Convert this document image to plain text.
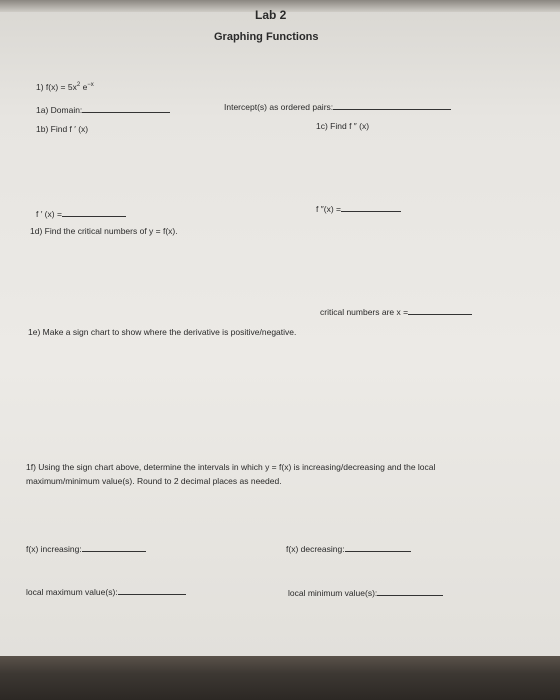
Lab 2
Graphing Functions
1) $f(x) = 5x^2$ $e^{-x}$
1a) Domain:	Intercept(s) as ordered pairs:
1b) Find f ′ (x)	1c) Find f ″ (x)
f ′ (x) =	f ″(x) =
1d) Find the critical numbers of y = f(x).
critical numbers are x =
1e) Make a sign chart to show where the derivative is positive/negative.
1f) Using the sign chart above, determine the intervals in which y = f(x) is increasing/decreasing and the local
maximum/minimum value(s). Round to 2 decimal places as needed.
f(x) increasing:	f(x) decreasing:
local maximum value(s):	local minimum value(s):
